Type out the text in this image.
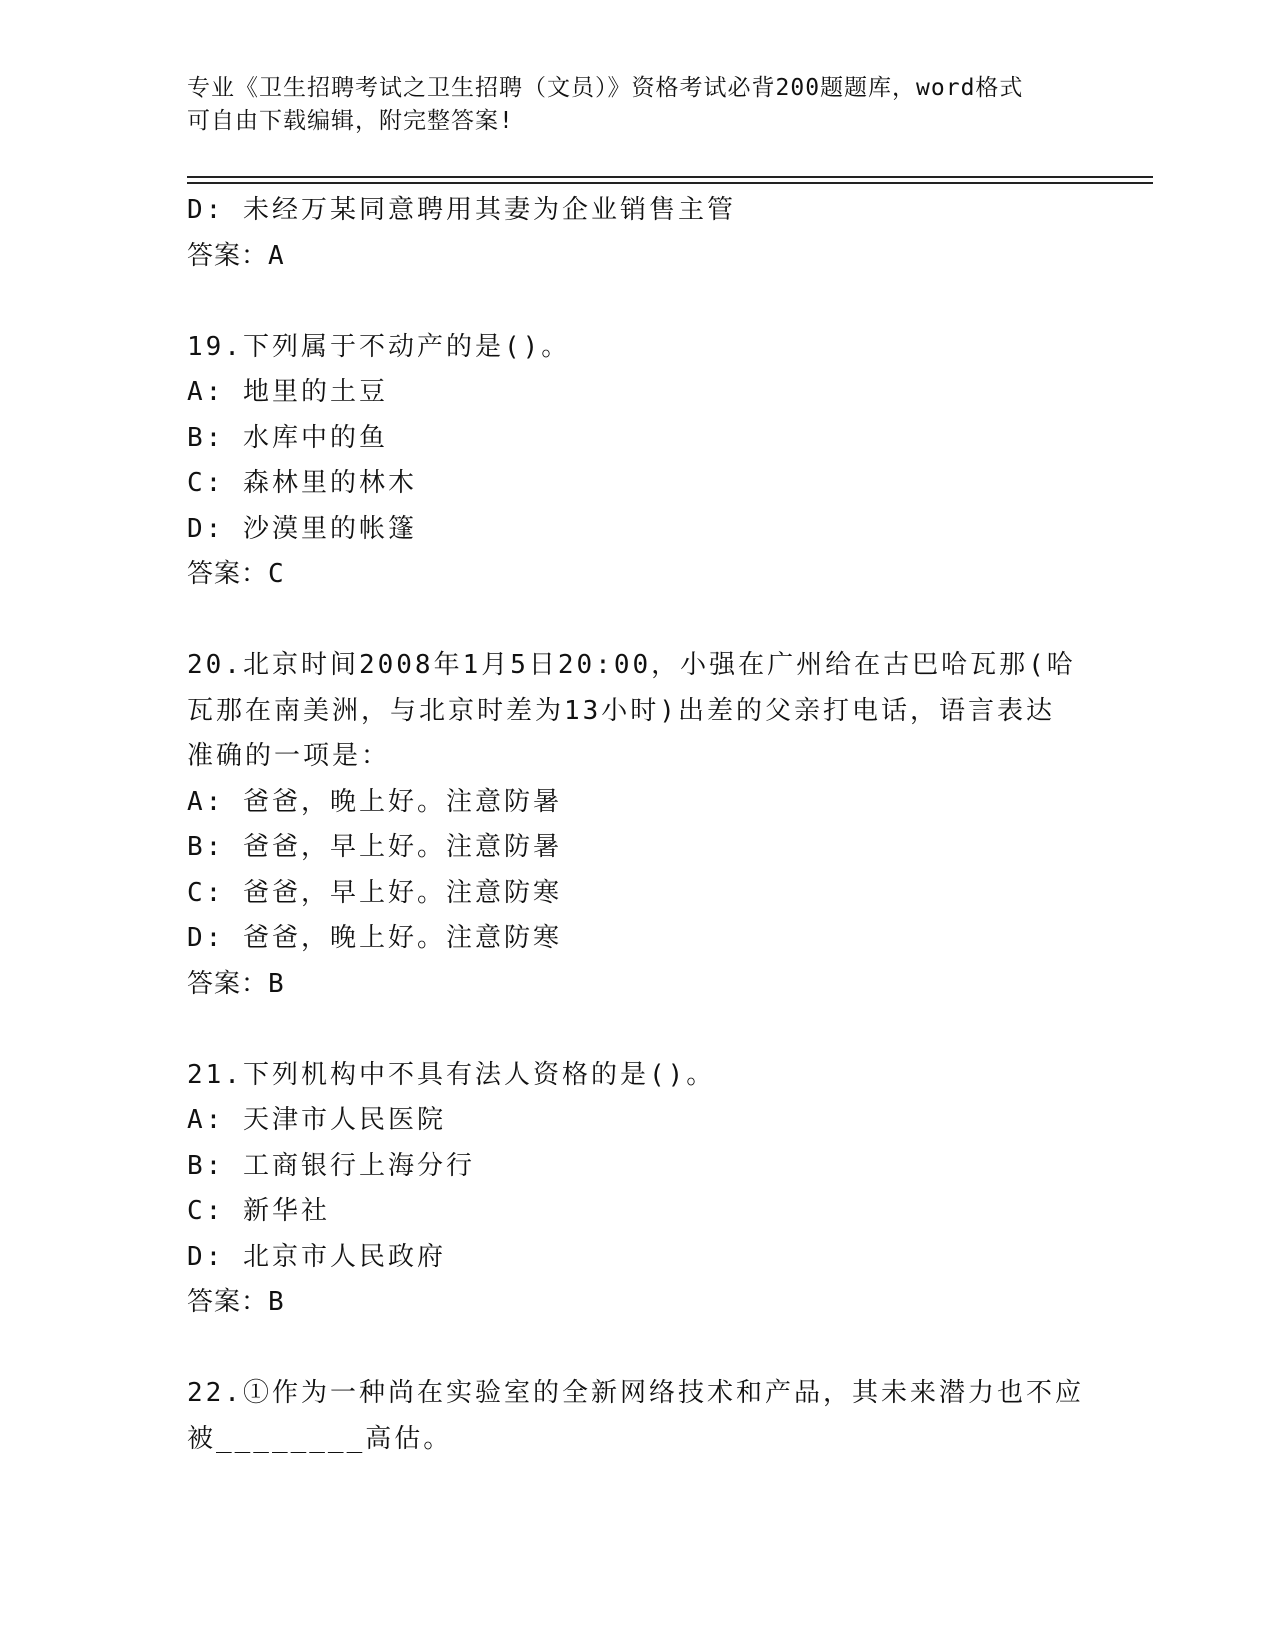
专业《卫生招聘考试之卫生招聘（文员）》资格考试必背200题题库，word格式
可自由下载编辑，附完整答案!
D: 未经万某同意聘用其妻为企业销售主管
答案：A
19.下列属于不动产的是()。
A: 地里的土豆
B: 水库中的鱼
C: 森林里的林木
D: 沙漠里的帐篷
答案：C
20.北京时间2008年1月5日20:00，小强在广州给在古巴哈瓦那(哈
瓦那在南美洲，与北京时差为13小时)出差的父亲打电话，语言表达
准确的一项是：
A: 爸爸，晚上好。注意防暑
B: 爸爸，早上好。注意防暑
C: 爸爸，早上好。注意防寒
D: 爸爸，晚上好。注意防寒
答案：B
21.下列机构中不具有法人资格的是()。
A: 天津市人民医院
B: 工商银行上海分行
C: 新华社
D: 北京市人民政府
答案：B
22.①作为一种尚在实验室的全新网络技术和产品，其未来潜力也不应
被________高估。
